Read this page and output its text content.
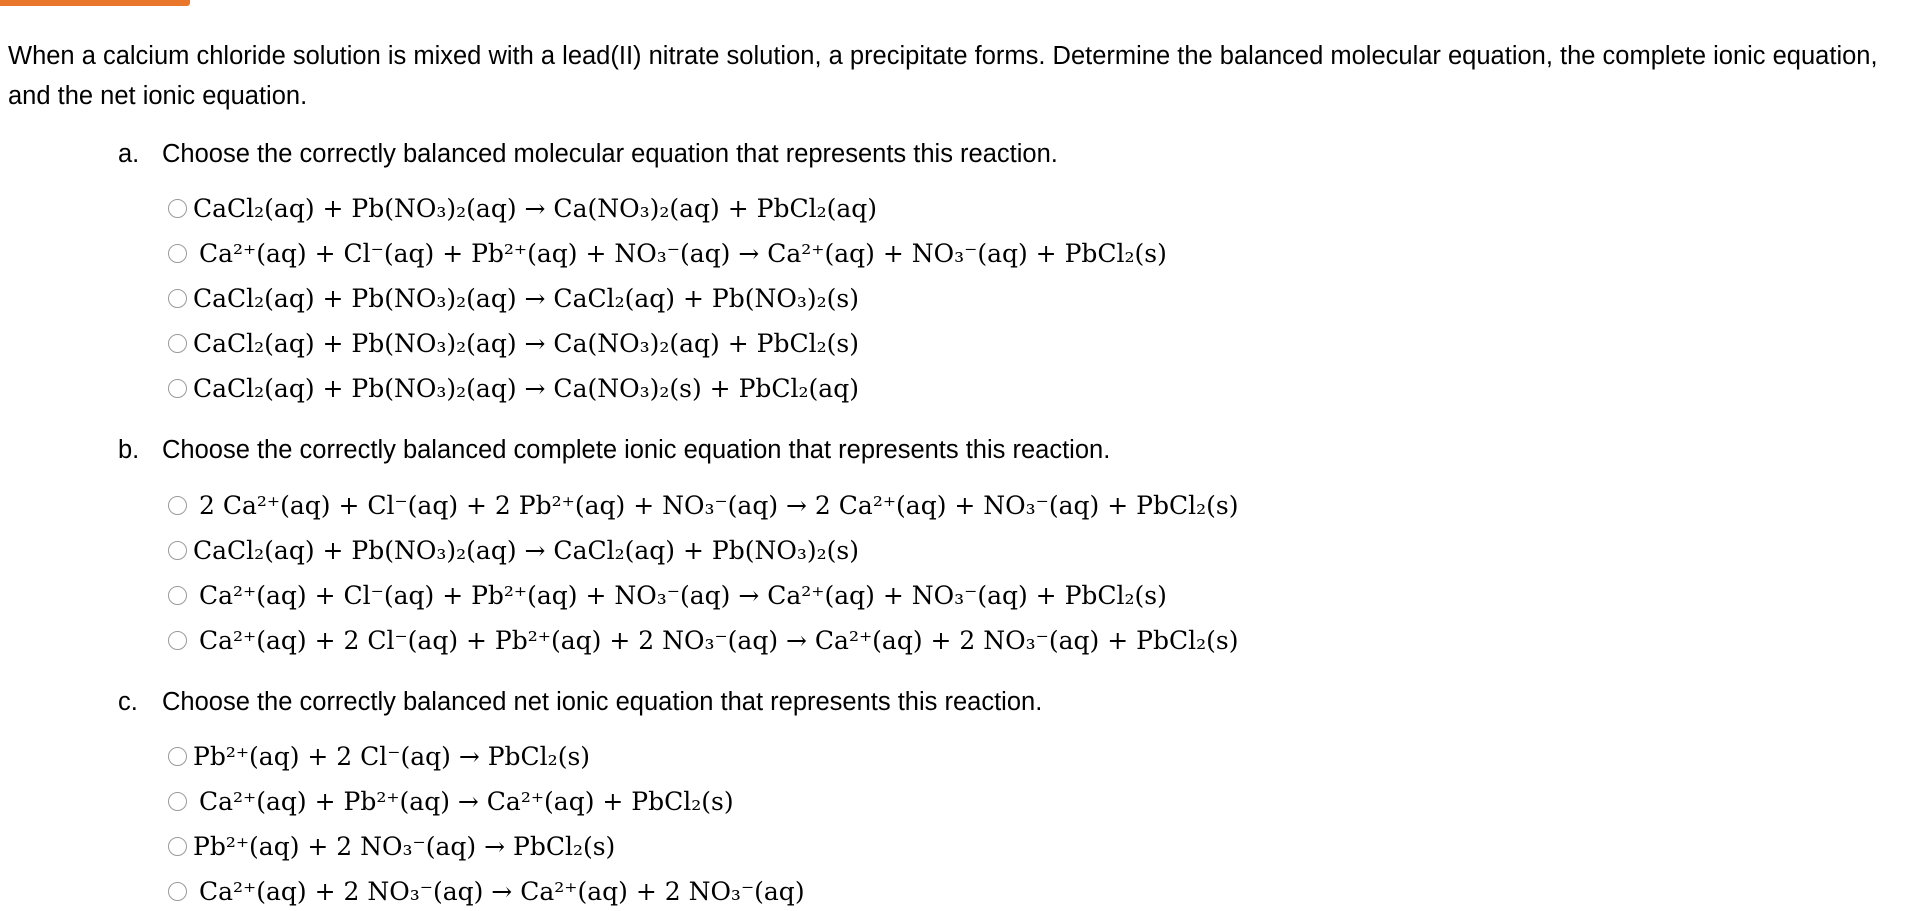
When a calcium chloride solution is mixed with a lead(II) nitrate solution, a precipitate forms. Determine the balanced molecular equation, the complete ionic equation, and the net ionic equation.
a. Choose the correctly balanced molecular equation that represents this reaction.
CaCl₂(aq) + Pb(NO₃)₂(aq) → Ca(NO₃)₂(aq) + PbCl₂(aq)
Ca²⁺(aq) + Cl⁻(aq) + Pb²⁺(aq) + NO₃⁻(aq) → Ca²⁺(aq) + NO₃⁻(aq) + PbCl₂(s)
CaCl₂(aq) + Pb(NO₃)₂(aq) → CaCl₂(aq) + Pb(NO₃)₂(s)
CaCl₂(aq) + Pb(NO₃)₂(aq) → Ca(NO₃)₂(aq) + PbCl₂(s)
CaCl₂(aq) + Pb(NO₃)₂(aq) → Ca(NO₃)₂(s) + PbCl₂(aq)
b. Choose the correctly balanced complete ionic equation that represents this reaction.
2 Ca²⁺(aq) + Cl⁻(aq) + 2 Pb²⁺(aq) + NO₃⁻(aq) → 2 Ca²⁺(aq) + NO₃⁻(aq) + PbCl₂(s)
CaCl₂(aq) + Pb(NO₃)₂(aq) → CaCl₂(aq) + Pb(NO₃)₂(s)
Ca²⁺(aq) + Cl⁻(aq) + Pb²⁺(aq) + NO₃⁻(aq) → Ca²⁺(aq) + NO₃⁻(aq) + PbCl₂(s)
Ca²⁺(aq) + 2 Cl⁻(aq) + Pb²⁺(aq) + 2 NO₃⁻(aq) → Ca²⁺(aq) + 2 NO₃⁻(aq) + PbCl₂(s)
c. Choose the correctly balanced net ionic equation that represents this reaction.
Pb²⁺(aq) + 2 Cl⁻(aq) → PbCl₂(s)
Ca²⁺(aq) + Pb²⁺(aq) → Ca²⁺(aq) + PbCl₂(s)
Pb²⁺(aq) + 2 NO₃⁻(aq) → PbCl₂(s)
Ca²⁺(aq) + 2 NO₃⁻(aq) → Ca²⁺(aq) + 2 NO₃⁻(aq)
